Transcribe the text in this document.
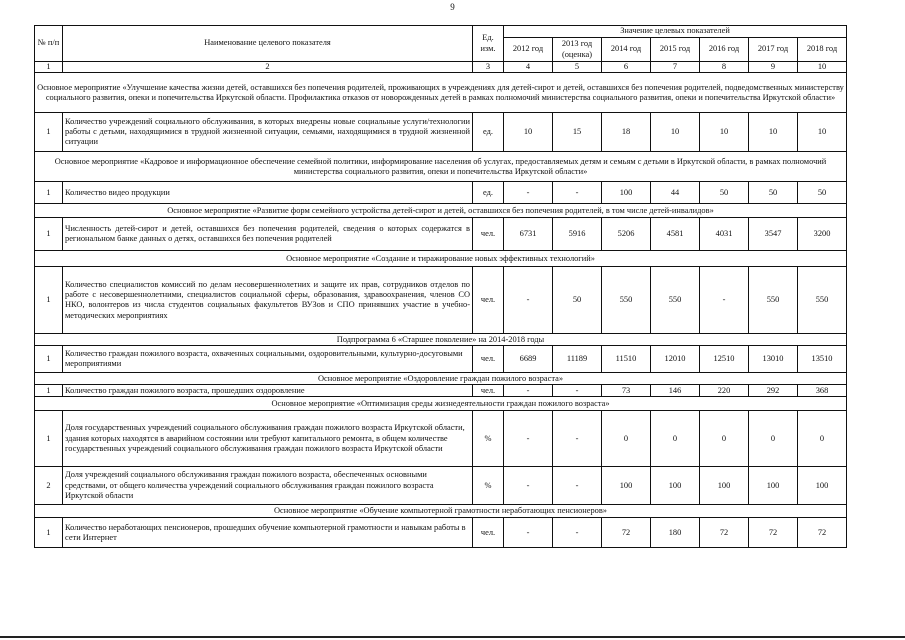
9
№ п/п	Наименование целевого показателя	Ед. изм.	Значение целевых показателей						
			2012 год	2013 год (оценка)	2014 год	2015 год	2016 год	2017 год	2018 год
1	2	3	4	5	6	7	8	9	10
Основное мероприятие «Улучшение качества жизни детей, оставшихся без попечения родителей, проживающих в учреждениях для детей-сирот и детей, оставшихся без попечения родителей, подведомственных министерству социального развития, опеки и попечительства Иркутской области. Профилактика отказов от новорожденных детей в рамках полномочий министерства социального развития, опеки и попечительства Иркутской области»									
1	Количество учреждений социального обслуживания, в которых внедрены новые социальные услуги/технологии работы с детьми, находящимися в трудной жизненной ситуации, семьями, находящимися в трудной жизненной ситуации	ед.	10	15	18	10	10	10	10
Основное мероприятие «Кадровое и информационное обеспечение семейной политики, информирование населения об услугах, предоставляемых детям и семьям с детьми в Иркутской области, в рамках полномочий министерства социального развития, опеки и попечительства Иркутской области»									
1	Количество видео продукции	ед.	-	-	100	44	50	50	50
Основное мероприятие «Развитие форм семейного устройства детей-сирот и детей, оставшихся без попечения родителей, в том числе детей-инвалидов»									
1	Численность детей-сирот и детей, оставшихся без попечения родителей, сведения о которых содержатся в региональном банке данных о детях, оставшихся без попечения родителей	чел.	6731	5916	5206	4581	4031	3547	3200
Основное мероприятие «Создание и тиражирование новых эффективных технологий»									
1	Количество специалистов комиссий по делам несовершеннолетних и защите их прав, сотрудников отделов по работе с несовершеннолетними, специалистов социальной сферы, образования, здравоохранения, членов СО НКО, волонтеров из числа студентов социальных факультетов ВУЗов и СПО принявших участие в учебно-методических мероприятиях	чел.	-	50	550	550	-	550	550
Подпрограмма 6 «Старшее поколение» на 2014-2018 годы									
1	Количество граждан пожилого возраста, охваченных социальными, оздоровительными, культурно-досуговыми мероприятиями	чел.	6689	11189	11510	12010	12510	13010	13510
Основное мероприятие «Оздоровление граждан пожилого возраста»									
1	Количество граждан пожилого возраста, прошедших оздоровление	чел.	-	-	73	146	220	292	368
Основное мероприятие «Оптимизация среды жизнедеятельности граждан пожилого возраста»									
1	Доля государственных учреждений социального обслуживания граждан пожилого возраста Иркутской области, здания которых находятся в аварийном состоянии или требуют капитального ремонта, в общем количестве государственных учреждений социального обслуживания граждан пожилого возраста Иркутской области	%	-	-	0	0	0	0	0
2	Доля учреждений социального обслуживания граждан пожилого возраста, обеспеченных основными средствами, от общего количества учреждений социального обслуживания граждан пожилого возраста Иркутской области	%	-	-	100	100	100	100	100
Основное мероприятие «Обучение компьютерной грамотности неработающих пенсионеров»									
1	Количество неработающих пенсионеров, прошедших обучение компьютерной грамотности и навыкам работы в сети Интернет	чел.	-	-	72	180	72	72	72
